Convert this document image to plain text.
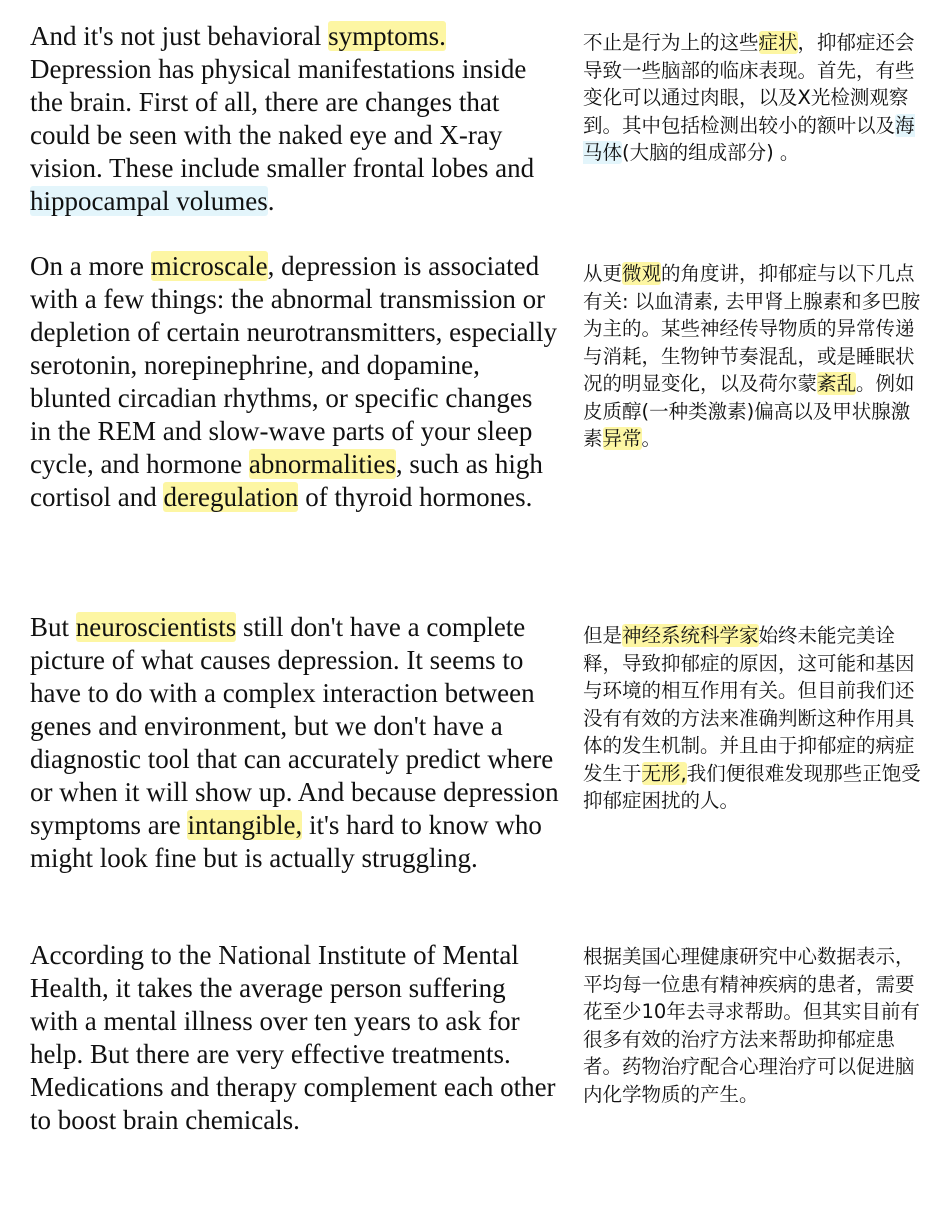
And it's not just behavioral symptoms. Depression has physical manifestations inside the brain. First of all, there are changes that could be seen with the naked eye and X-ray vision. These include smaller frontal lobes and hippocampal volumes.

不止是行为上的这些症状，抑郁症还会导致一些脑部的临床表现。首先，有些变化可以通过肉眼，以及X光检测观察到。其中包括检测出较小的额叶以及海马体(大脑的组成部分) 。

On a more microscale, depression is associated with a few things: the abnormal transmission or depletion of certain neurotransmitters, especially serotonin, norepinephrine, and dopamine, blunted circadian rhythms, or specific changes in the REM and slow-wave parts of your sleep cycle, and hormone abnormalities, such as high cortisol and deregulation of thyroid hormones.

从更微观的角度讲，抑郁症与以下几点有关: 以血清素, 去甲肾上腺素和多巴胺为主的。某些神经传导物质的异常传递与消耗，生物钟节奏混乱，或是睡眠状况的明显变化，以及荷尔蒙紊乱。例如皮质醇(一种类激素)偏高以及甲状腺激素异常。

But neuroscientists still don't have a complete picture of what causes depression. It seems to have to do with a complex interaction between genes and environment, but we don't have a diagnostic tool that can accurately predict where or when it will show up. And because depression symptoms are intangible, it's hard to know who might look fine but is actually struggling.

但是神经系统科学家始终未能完美诠释，导致抑郁症的原因，这可能和基因与环境的相互作用有关。但目前我们还没有有效的方法来准确判断这种作用具体的发生机制。并且由于抑郁症的病症发生于无形,我们便很难发现那些正饱受抑郁症困扰的人。

According to the National Institute of Mental Health, it takes the average person suffering with a mental illness over ten years to ask for help. But there are very effective treatments. Medications and therapy complement each other to boost brain chemicals.

根据美国心理健康研究中心数据表示，平均每一位患有精神疾病的患者，需要花至少10年去寻求帮助。但其实目前有很多有效的治疗方法来帮助抑郁症患者。药物治疗配合心理治疗可以促进脑内化学物质的产生。
